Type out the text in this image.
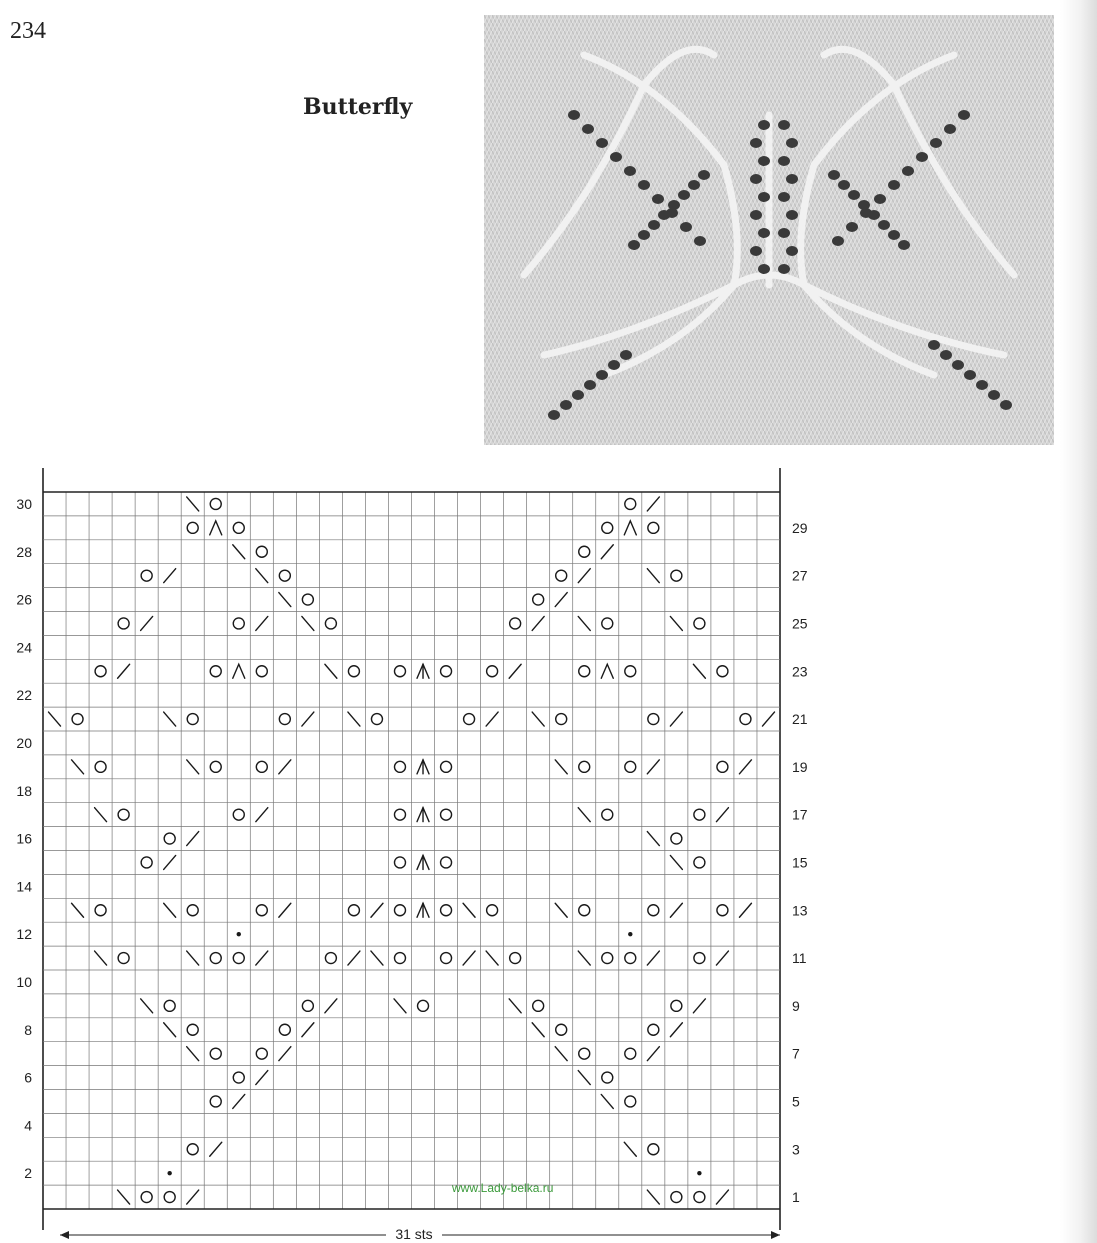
234
Butterfly
1
2
3
4
5
6
7
8
9
10
11
12
13
14
15
16
17
18
19
20
21
22
23
24
25
26
27
28
29
30
31 sts
www.Lady-belka.ru
